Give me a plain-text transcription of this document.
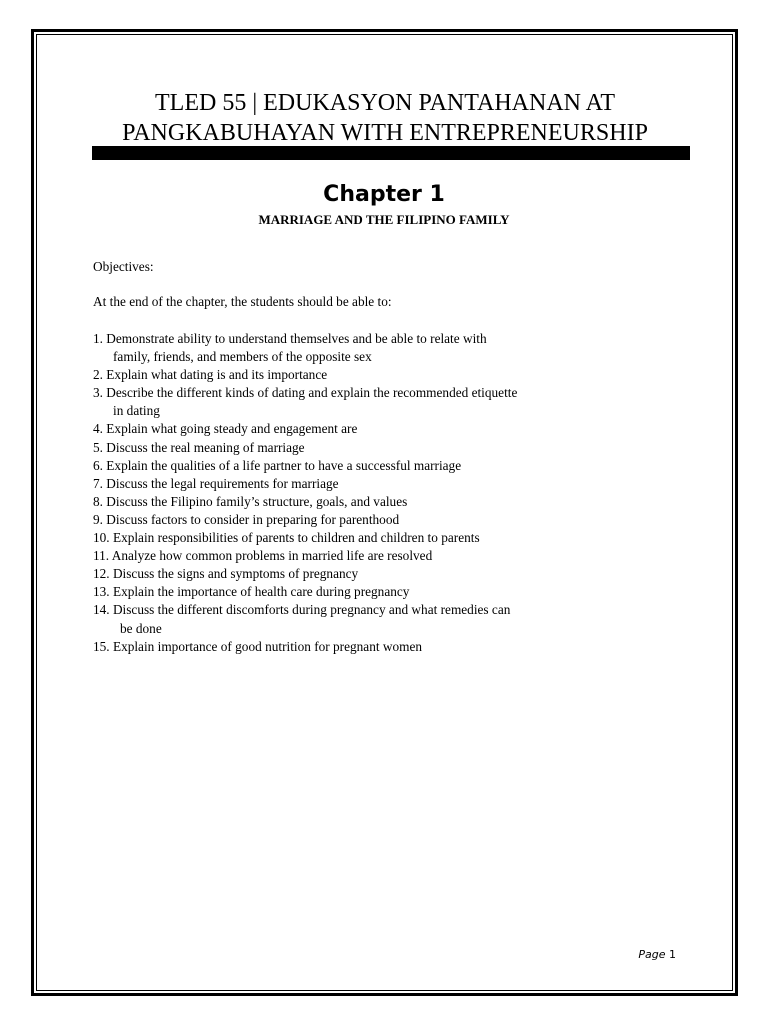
TLED 55 | EDUKASYON PANTAHANAN AT
PANGKABUHAYAN WITH ENTREPRENEURSHIP
Chapter 1

MARRIAGE AND THE FILIPINO FAMILY

Objectives:

At the end of the chapter, the students should be able to:

1. Demonstrate ability to understand themselves and be able to relate with
family, friends, and members of the opposite sex
2. Explain what dating is and its importance
3. Describe the different kinds of dating and explain the recommended etiquette
in dating
4. Explain what going steady and engagement are
5. Discuss the real meaning of marriage
6. Explain the qualities of a life partner to have a successful marriage
7. Discuss the legal requirements for marriage
8. Discuss the Filipino family’s structure, goals, and values
9. Discuss factors to consider in preparing for parenthood
10. Explain responsibilities of parents to children and children to parents
11. Analyze how common problems in married life are resolved
12. Discuss the signs and symptoms of pregnancy
13. Explain the importance of health care during pregnancy
14. Discuss the different discomforts during pregnancy and what remedies can
be done
15. Explain importance of good nutrition for pregnant women
Page 1
